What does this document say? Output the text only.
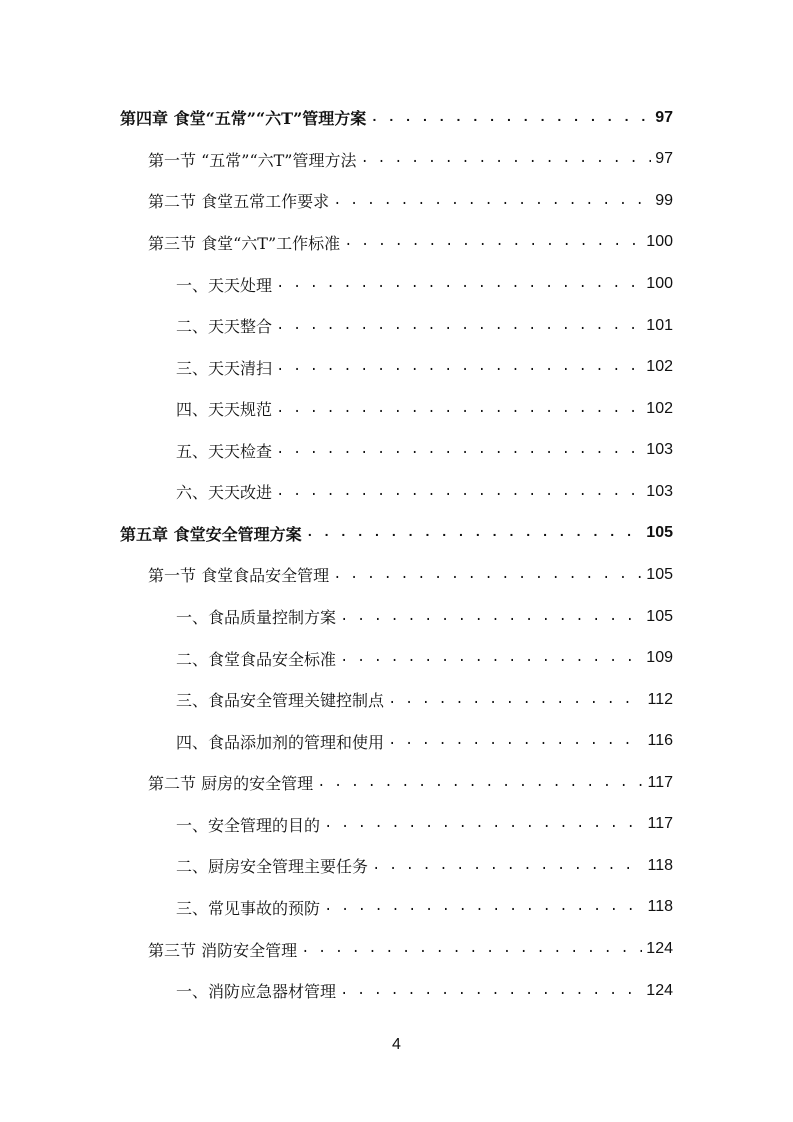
第四章 食堂“五常”“六T”管理方案 . . .	97
第一节 “五常”“六T”管理方法 . . .	97
第二节 食堂五常工作要求 . . .	99
第三节 食堂“六T”工作标准 . . .	100
一、天天处理 . . .	100
二、天天整合 . . .	101
三、天天清扫 . . .	102
四、天天规范 . . .	102
五、天天检查 . . .	103
六、天天改进 . . .	103
第五章 食堂安全管理方案 . . .	105
第一节 食堂食品安全管理 . . .	105
一、食品质量控制方案 . . .	105
二、食堂食品安全标准 . . .	109
三、食品安全管理关键控制点 . . .	112
四、食品添加剂的管理和使用 . . .	116
第二节 厨房的安全管理 . . .	117
一、安全管理的目的 . . .	117
二、厨房安全管理主要任务 . . .	118
三、常见事故的预防 . . .	118
第三节 消防安全管理 . . .	124
一、消防应急器材管理 . . .	124
4
